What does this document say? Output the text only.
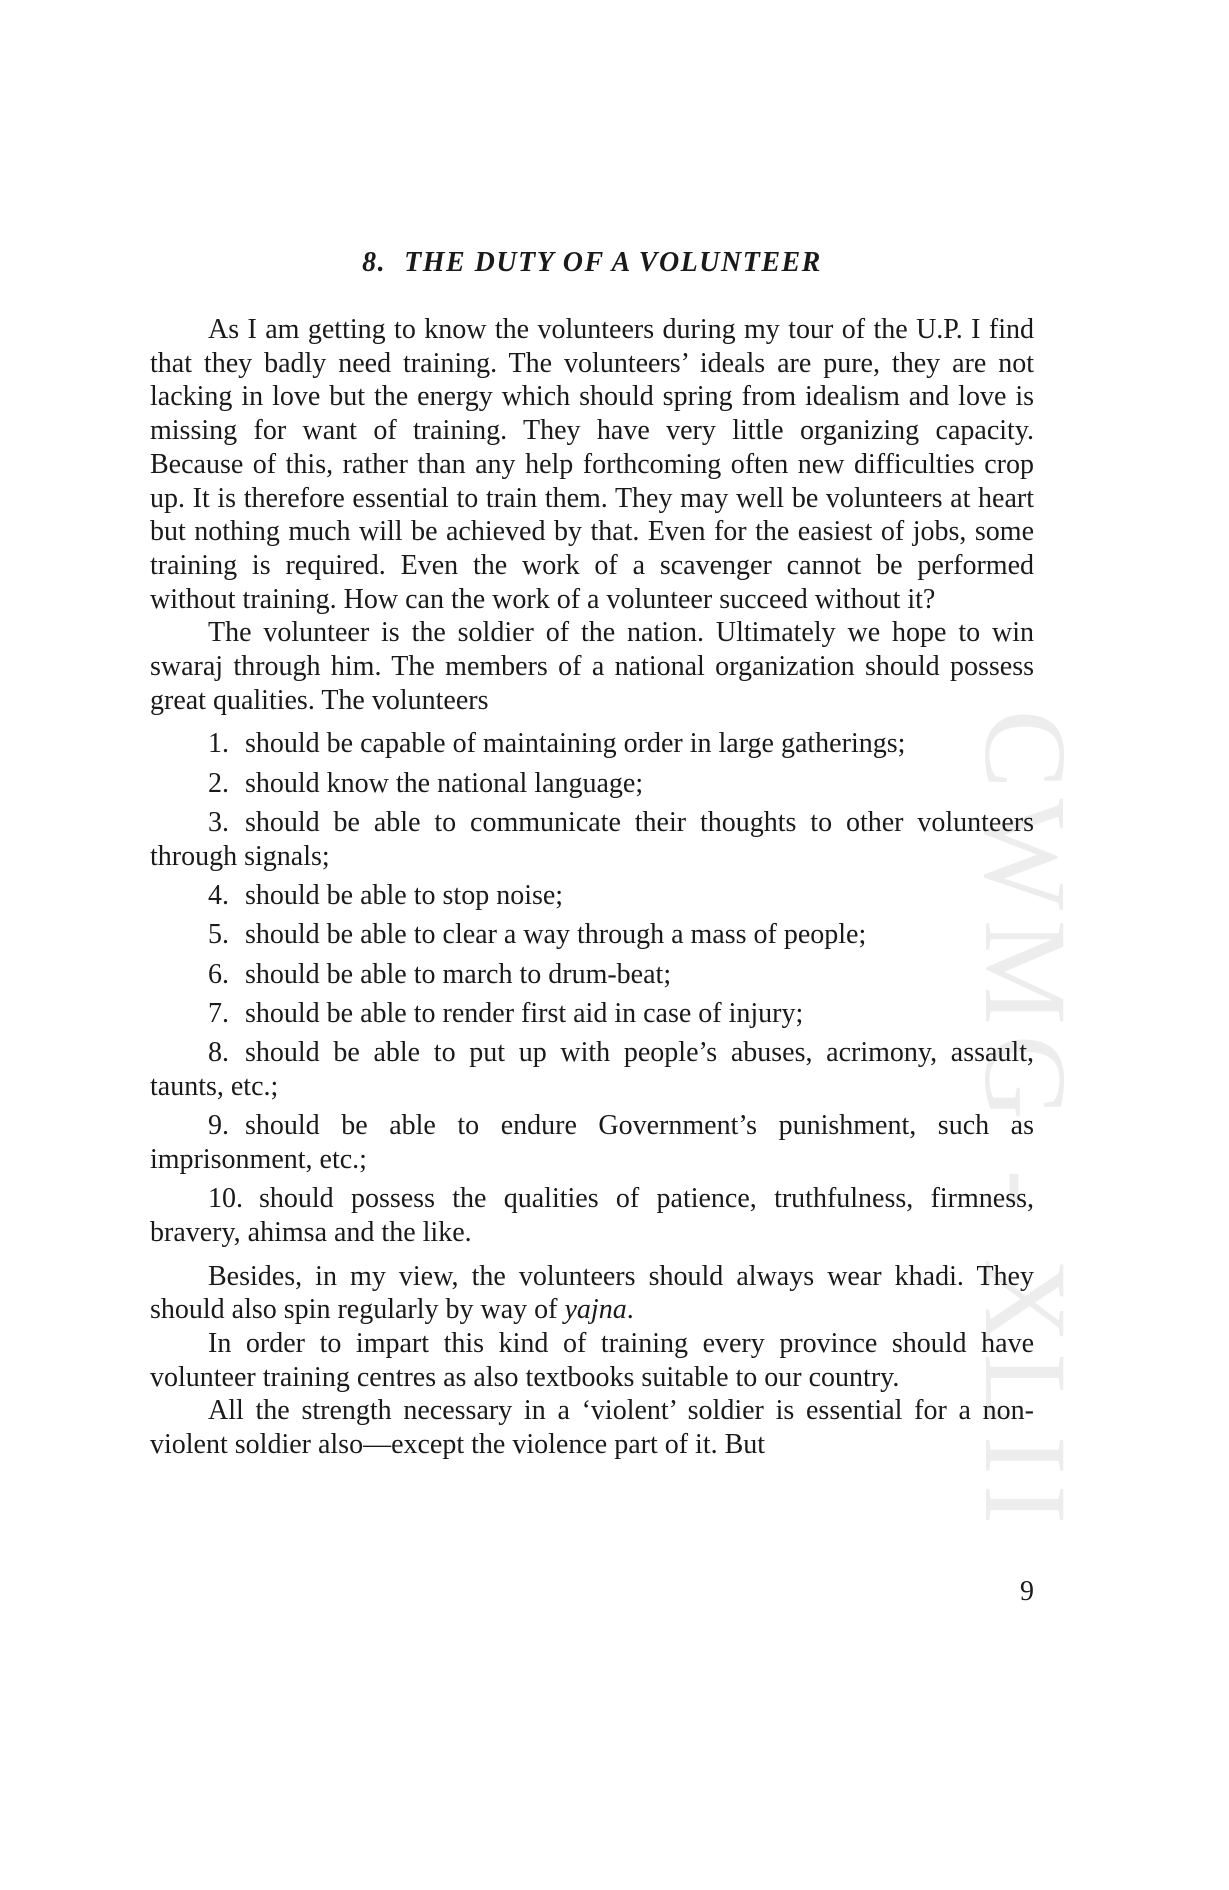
CWMG - XLII
8. THE DUTY OF A VOLUNTEER

As I am getting to know the volunteers during my tour of the U.P. I find that they badly need training. The volunteers’ ideals are pure, they are not lacking in love but the energy which should spring from idealism and love is missing for want of training. They have very little organizing capacity. Because of this, rather than any help forthcoming often new difficulties crop up. It is therefore essential to train them. They may well be volunteers at heart but nothing much will be achieved by that. Even for the easiest of jobs, some training is required. Even the work of a scavenger cannot be performed without training. How can the work of a volunteer succeed without it?

The volunteer is the soldier of the nation. Ultimately we hope to win swaraj through him. The members of a national organization should possess great qualities. The volunteers

1. should be capable of maintaining order in large gatherings;
2. should know the national language;
3. should be able to communicate their thoughts to other volunteers through signals;
4. should be able to stop noise;
5. should be able to clear a way through a mass of people;
6. should be able to march to drum-beat;
7. should be able to render first aid in case of injury;
8. should be able to put up with people’s abuses, acrimony, assault, taunts, etc.;
9. should be able to endure Government’s punishment, such as imprisonment, etc.;
10. should possess the qualities of patience, truthfulness, firmness, bravery, ahimsa and the like.

Besides, in my view, the volunteers should always wear khadi. They should also spin regularly by way of yajna.

In order to impart this kind of training every province should have volunteer training centres as also textbooks suitable to our country.

All the strength necessary in a ‘violent’ soldier is essential for a non-violent soldier also—except the violence part of it. But

9
